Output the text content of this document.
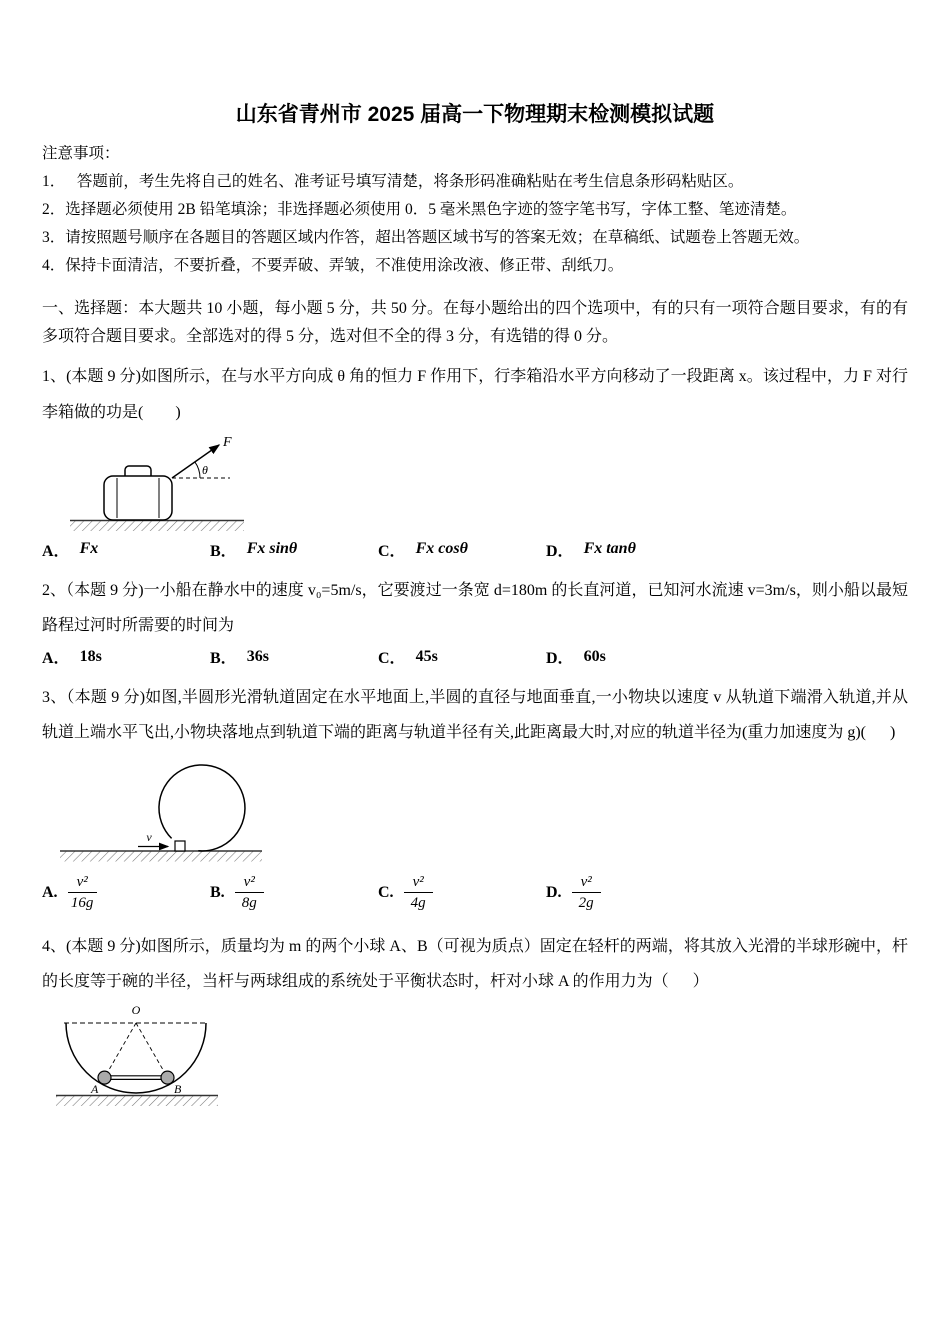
山东省青州市 2025 届高一下物理期末检测模拟试题
注意事项：
1．　 答题前，考生先将自己的姓名、准考证号填写清楚，将条形码准确粘贴在考生信息条形码粘贴区。
2．选择题必须使用 2B 铅笔填涂；非选择题必须使用 0．5 毫米黑色字迹的签字笔书写，字体工整、笔迹清楚。
3．请按照题号顺序在各题目的答题区域内作答，超出答题区域书写的答案无效；在草稿纸、试题卷上答题无效。
4．保持卡面清洁，不要折叠，不要弄破、弄皱，不准使用涂改液、修正带、刮纸刀。

一、选择题：本大题共 10 小题，每小题 5 分，共 50 分。在每小题给出的四个选项中，有的只有一项符合题目要求，有的有多项符合题目要求。全部选对的得 5 分，选对但不全的得 3 分，有选错的得 0 分。

1、(本题 9 分)如图所示，在与水平方向成 θ 角的恒力 F 作用下，行李箱沿水平方向移动了一段距离 x。该过程中，力 F 对行李箱做的功是(        )

F
θ
A． Fx	B． Fx sinθ	C． Fx cosθ	D． Fx tanθ

2、（本题 9 分)一小船在静水中的速度 v₀=5m/s，它要渡过一条宽 d=180m 的长直河道，已知河水流速 v=3m/s，则小船以最短路程过河时所需要的时间为

A． 18s	B． 36s	C． 45s	D． 60s

3、（本题 9 分)如图,半圆形光滑轨道固定在水平地面上,半圆的直径与地面垂直,一小物块以速度 v 从轨道下端滑入轨道,并从轨道上端水平飞出,小物块落地点到轨道下端的距离与轨道半径有关,此距离最大时,对应的轨道半径为(重力加速度为 g)(      )

v
A. $\frac{\text{v²}}{16g}$	B. $\frac{\text{v²}}{8g}$	C. $\frac{\text{v²}}{4g}$	D. $\frac{\text{v²}}{2g}$

4、(本题 9 分)如图所示，质量均为 m 的两个小球 A、B（可视为质点）固定在轻杆的两端，将其放入光滑的半球形碗中，杆的长度等于碗的半径，当杆与两球组成的系统处于平衡状态时，杆对小球 A 的作用力为（      ）

O
A	B
